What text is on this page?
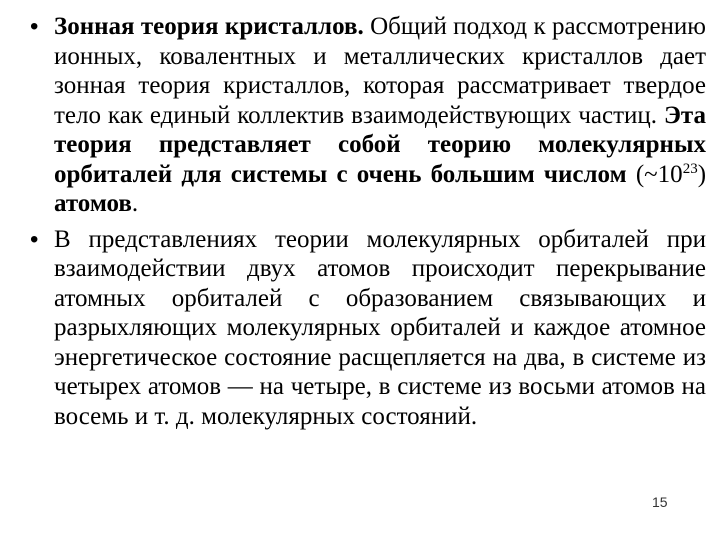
• Зонная теория кристаллов. Общий подход к рассмотрению ионных, ковалентных и металлических кристаллов дает зонная теория кристаллов, которая рассматривает твердое тело как единый коллектив взаимодействующих частиц. Эта теория представляет собой теорию молекулярных орбиталей для системы с очень большим числом $(\sim 10^{23})$ атомов.

• В представлениях теории молекулярных орбиталей при взаимодействии двух атомов происходит перекрывание атомных орбиталей с образованием связывающих и разрыхляющих молекулярных орбиталей и каждое атомное энергетическое состояние расщепляется на два, в системе из четырех атомов — на четыре, в системе из восьми атомов на восемь и т. д. молекулярных состояний.

15
